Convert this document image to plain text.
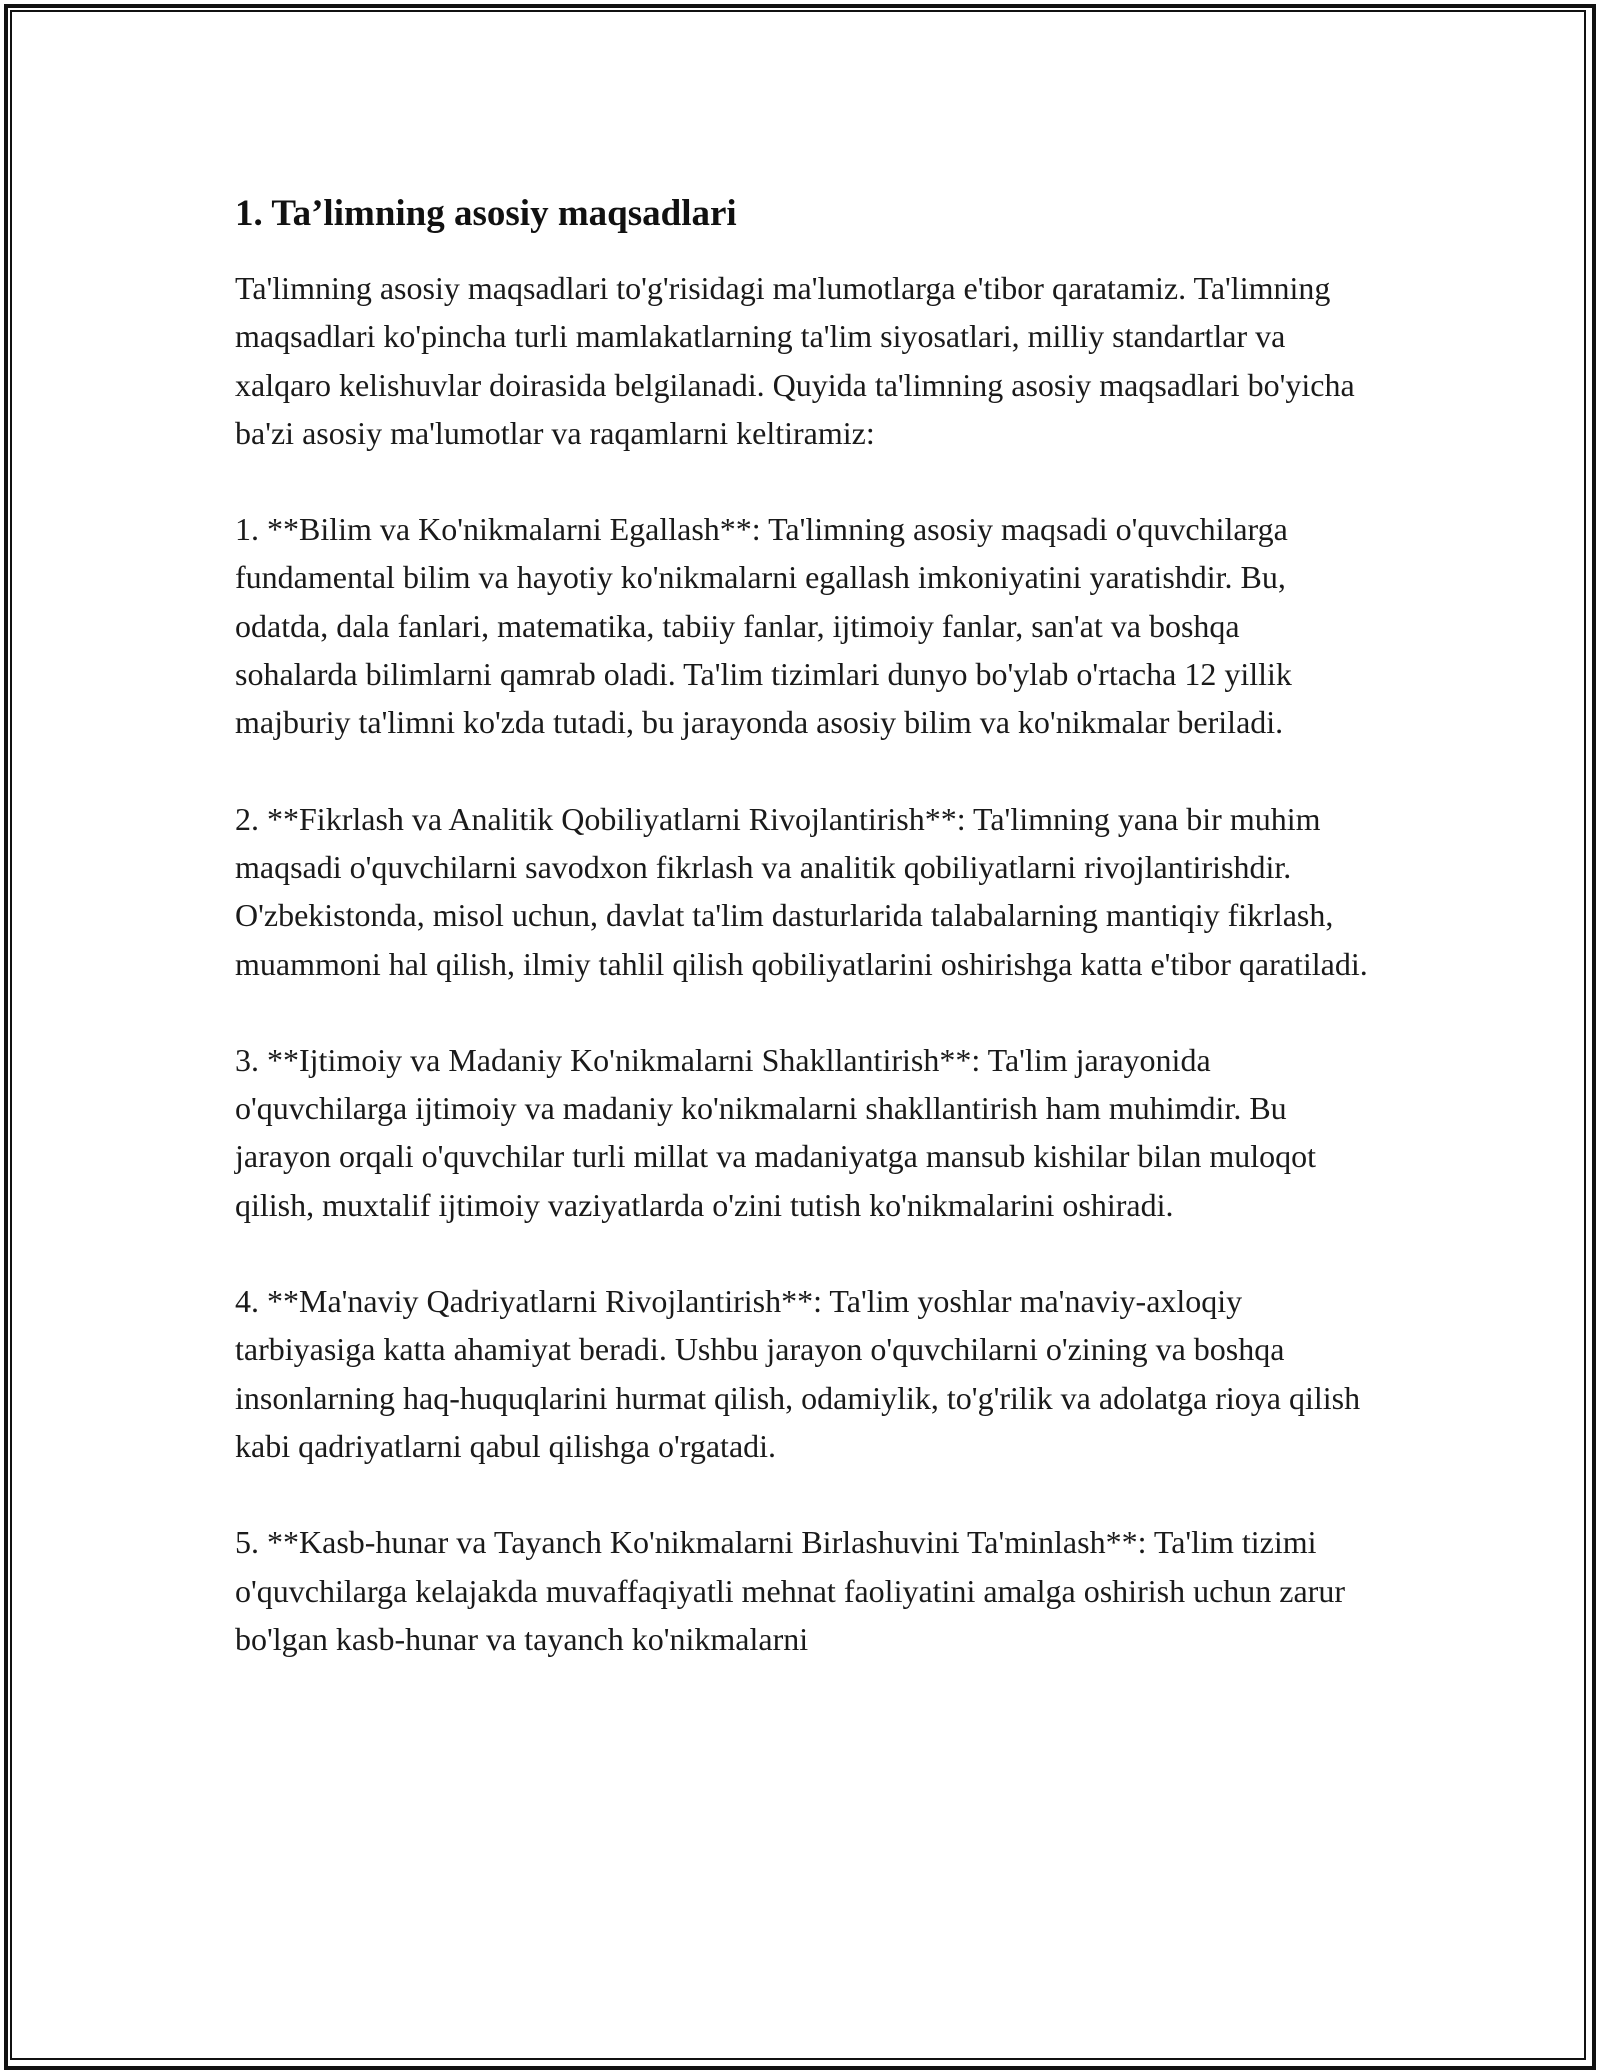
1. Ta’limning asosiy maqsadlari

Ta'limning asosiy maqsadlari to'g'risidagi ma'lumotlarga e'tibor qaratamiz. Ta'limning maqsadlari ko'pincha turli mamlakatlarning ta'lim siyosatlari, milliy standartlar va xalqaro kelishuvlar doirasida belgilanadi. Quyida ta'limning asosiy maqsadlari bo'yicha ba'zi asosiy ma'lumotlar va raqamlarni keltiramiz:

1. **Bilim va Ko'nikmalarni Egallash**: Ta'limning asosiy maqsadi o'quvchilarga fundamental bilim va hayotiy ko'nikmalarni egallash imkoniyatini yaratishdir. Bu, odatda, dala fanlari, matematika, tabiiy fanlar, ijtimoiy fanlar, san'at va boshqa sohalarda bilimlarni qamrab oladi. Ta'lim tizimlari dunyo bo'ylab o'rtacha 12 yillik majburiy ta'limni ko'zda tutadi, bu jarayonda asosiy bilim va ko'nikmalar beriladi.

2. **Fikrlash va Analitik Qobiliyatlarni Rivojlantirish**: Ta'limning yana bir muhim maqsadi o'quvchilarni savodxon fikrlash va analitik qobiliyatlarni rivojlantirishdir. O'zbekistonda, misol uchun, davlat ta'lim dasturlarida talabalarning mantiqiy fikrlash, muammoni hal qilish, ilmiy tahlil qilish qobiliyatlarini oshirishga katta e'tibor qaratiladi.

3. **Ijtimoiy va Madaniy Ko'nikmalarni Shakllantirish**: Ta'lim jarayonida o'quvchilarga ijtimoiy va madaniy ko'nikmalarni shakllantirish ham muhimdir. Bu jarayon orqali o'quvchilar turli millat va madaniyatga mansub kishilar bilan muloqot qilish, muxtalif ijtimoiy vaziyatlarda o'zini tutish ko'nikmalarini oshiradi.

4. **Ma'naviy Qadriyatlarni Rivojlantirish**: Ta'lim yoshlar ma'naviy-axloqiy tarbiyasiga katta ahamiyat beradi. Ushbu jarayon o'quvchilarni o'zining va boshqa insonlarning haq-huquqlarini hurmat qilish, odamiylik, to'g'rilik va adolatga rioya qilish kabi qadriyatlarni qabul qilishga o'rgatadi.

5. **Kasb-hunar va Tayanch Ko'nikmalarni Birlashuvini Ta'minlash**: Ta'lim tizimi o'quvchilarga kelajakda muvaffaqiyatli mehnat faoliyatini amalga oshirish uchun zarur bo'lgan kasb-hunar va tayanch ko'nikmalarni
